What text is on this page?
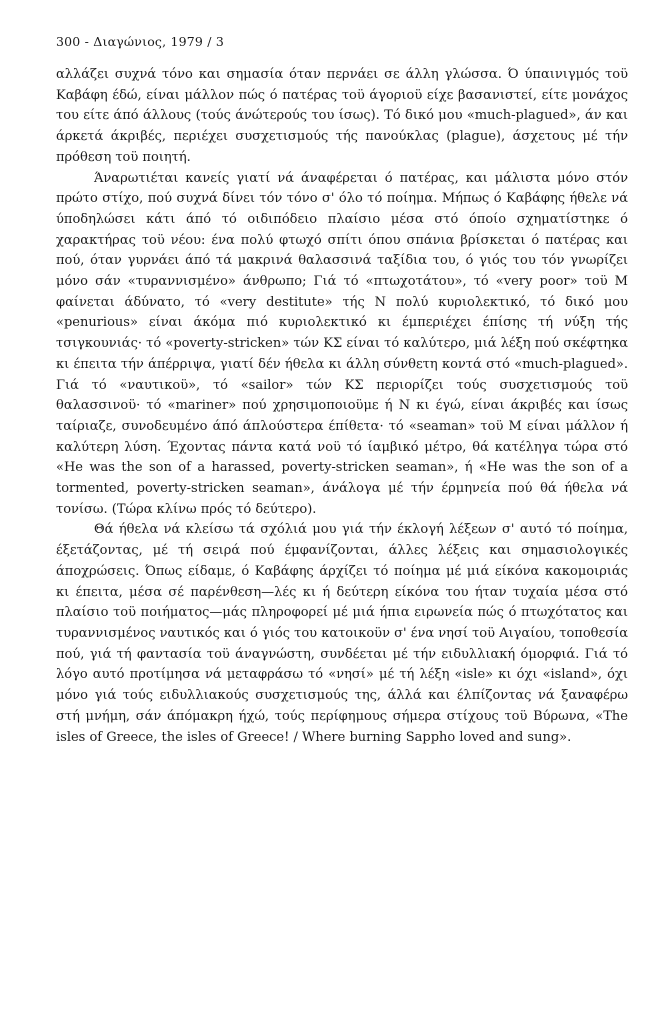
300 - Διαγώνιος, 1979 / 3

αλλάζει συχνά τόνο και σημασία όταν περνάει σε άλλη γλώσσα. Ό ύπαινιγμός τοϋ Καβάφη έδώ, είναι μάλλον πώς ό πατέρας τοϋ άγοριοϋ είχε βασανιστεί, είτε μονάχος του είτε άπό άλλους (τούς άνώτερούς του ίσως). Τό δικό μου «much-plagued», άν και άρκετά άκριβές, περιέχει συσχετισμούς τής πανούκλας (plague), άσχετους μέ τήν πρόθεση τοϋ ποιητή.

Άναρωτιέται κανείς γιατί νά άναφέρεται ό πατέρας, και μάλιστα μόνο στόν πρώτο στίχο, πού συχνά δίνει τόν τόνο σ' όλο τό ποίημα. Μήπως ό Καβάφης ήθελε νά ύποδηλώσει κάτι άπό τό οιδιπόδειο πλαίσιο μέσα στό όποίο σχηματίστηκε ό χαρακτήρας τοϋ νέου: ένα πολύ φτωχό σπίτι όπου σπάνια βρίσκεται ό πατέρας και πού, όταν γυρνάει άπό τά μακρινά θαλασσινά ταξίδια του, ό γιός του τόν γνωρίζει μόνο σάν «τυραννισμένο» άνθρωπο; Γιά τό «πτωχοτάτου», τό «very poor» τοϋ Μ φαίνεται άδύνατο, τό «very destitute» τής Ν πολύ κυριολεκτικό, τό δικό μου «penurious» είναι άκόμα πιό κυριολεκτικό κι έμπεριέχει έπίσης τή νύξη τής τσιγκουνιάς· τό «poverty-stricken» τών ΚΣ είναι τό καλύτερο, μιά λέξη πού σκέφτηκα κι έπειτα τήν άπέρριψα, γιατί δέν ήθελα κι άλλη σύνθετη κοντά στό «much-plagued». Γιά τό «ναυτικοϋ», τό «sailor» τών ΚΣ περιορίζει τούς συσχετισμούς τοϋ θαλασσινοϋ· τό «mariner» πού χρησιμοποιοϋμε ή Ν κι έγώ, είναι άκριβές και ίσως ταίριαζε, συνοδευμένο άπό άπλούστερα έπίθετα· τό «seaman» τοϋ Μ είναι μάλλον ή καλύτερη λύση. Έχοντας πάντα κατά νοϋ τό ίαμβικό μέτρο, θά κατέληγα τώρα στό «He was the son of a harassed, poverty-stricken seaman», ή «He was the son of a tormented, poverty-stricken seaman», άνάλογα μέ τήν έρμηνεία πού θά ήθελα νά τονίσω. (Τώρα κλίνω πρός τό δεύτερο).

Θά ήθελα νά κλείσω τά σχόλιά μου γιά τήν έκλογή λέξεων σ' αυτό τό ποίημα, έξετάζοντας, μέ τή σειρά πού έμφανίζονται, άλλες λέξεις και σημασιολογικές άποχρώσεις. Όπως είδαμε, ό Καβάφης άρχίζει τό ποίημα μέ μιά είκόνα κακομοιριάς κι έπειτα, μέσα σέ παρένθεση—λές κι ή δεύτερη είκόνα του ήταν τυχαία μέσα στό πλαίσιο τοϋ ποιήματος—μάς πληροφορεί μέ μιά ήπια ειρωνεία πώς ό πτωχότατος και τυραννισμένος ναυτικός και ό γιός του κατοικοϋν σ' ένα νησί τοϋ Αιγαίου, τοποθεσία πού, γιά τή φαντασία τοϋ άναγνώστη, συνδέεται μέ τήν ειδυλλιακή όμορφιά. Γιά τό λόγο αυτό προτίμησα νά μεταφράσω τό «νησί» μέ τή λέξη «isle» κι όχι «island», όχι μόνο γιά τούς ειδυλλιακούς συσχετισμούς της, άλλά και έλπίζοντας νά ξαναφέρω στή μνήμη, σάν άπόμακρη ήχώ, τούς περίφημους σήμερα στίχους τοϋ Βύρωνα, «The isles of Greece, the isles of Greece! / Where burning Sappho loved and sung».
